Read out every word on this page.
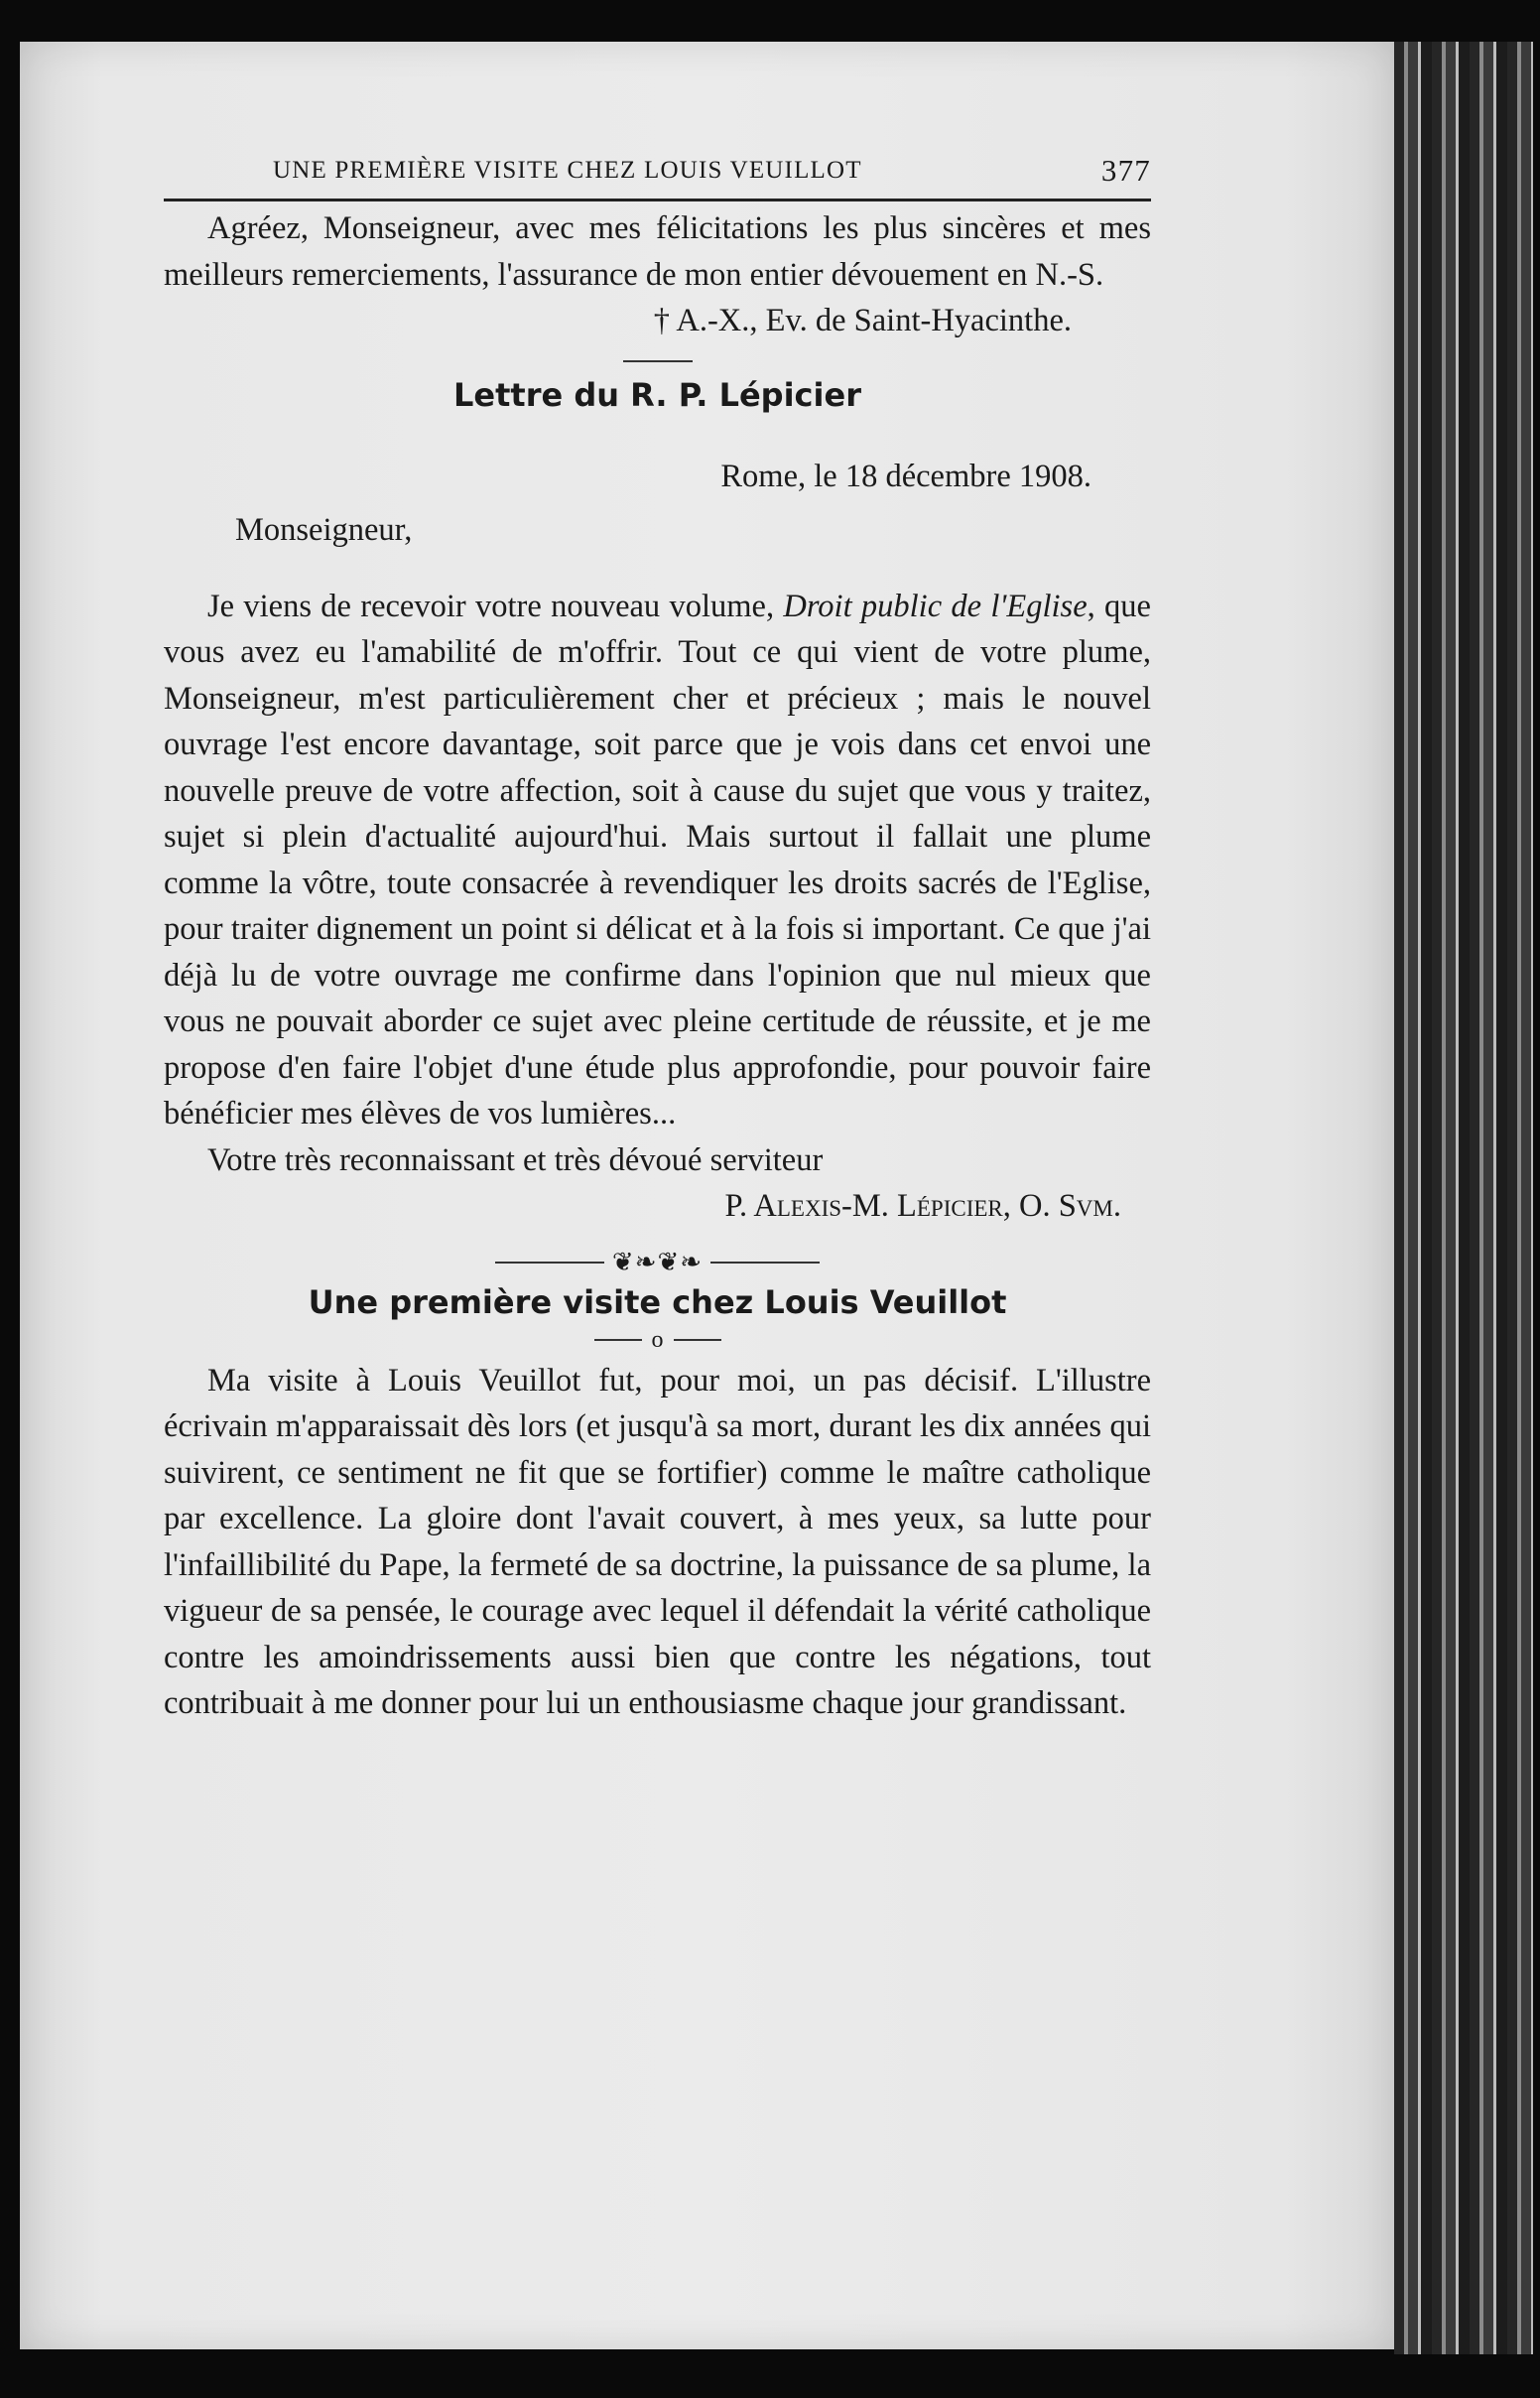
UNE PREMIÈRE VISITE CHEZ LOUIS VEUILLOT	377

Agréez, Monseigneur, avec mes félicitations les plus sincères et mes meilleurs remerciements, l'assurance de mon entier dévouement en N.-S.

† A.-X., Ev. de Saint-Hyacinthe.

Lettre du R. P. Lépicier

Rome, le 18 décembre 1908.

Monseigneur,

Je viens de recevoir votre nouveau volume, Droit public de l'Eglise, que vous avez eu l'amabilité de m'offrir. Tout ce qui vient de votre plume, Monseigneur, m'est particulièrement cher et précieux ; mais le nouvel ouvrage l'est encore davantage, soit parce que je vois dans cet envoi une nouvelle preuve de votre affection, soit à cause du sujet que vous y traitez, sujet si plein d'actualité aujourd'hui. Mais surtout il fallait une plume comme la vôtre, toute consacrée à revendiquer les droits sacrés de l'Eglise, pour traiter dignement un point si délicat et à la fois si important. Ce que j'ai déjà lu de votre ouvrage me confirme dans l'opinion que nul mieux que vous ne pouvait aborder ce sujet avec pleine certitude de réussite, et je me propose d'en faire l'objet d'une étude plus approfondie, pour pouvoir faire bénéficier mes élèves de vos lumières...

Votre très reconnaissant et très dévoué serviteur

P. Alexis-M. Lépicier, O. Svm.

❦❧❦❧

Une première visite chez Louis Veuillot

o

Ma visite à Louis Veuillot fut, pour moi, un pas décisif. L'illustre écrivain m'apparaissait dès lors (et jusqu'à sa mort, durant les dix années qui suivirent, ce sentiment ne fit que se fortifier) comme le maître catholique par excellence. La gloire dont l'avait couvert, à mes yeux, sa lutte pour l'infaillibilité du Pape, la fermeté de sa doctrine, la puissance de sa plume, la vigueur de sa pensée, le courage avec lequel il défendait la vérité catholique contre les amoindrissements aussi bien que contre les négations, tout contribuait à me donner pour lui un enthousiasme chaque jour grandissant.
